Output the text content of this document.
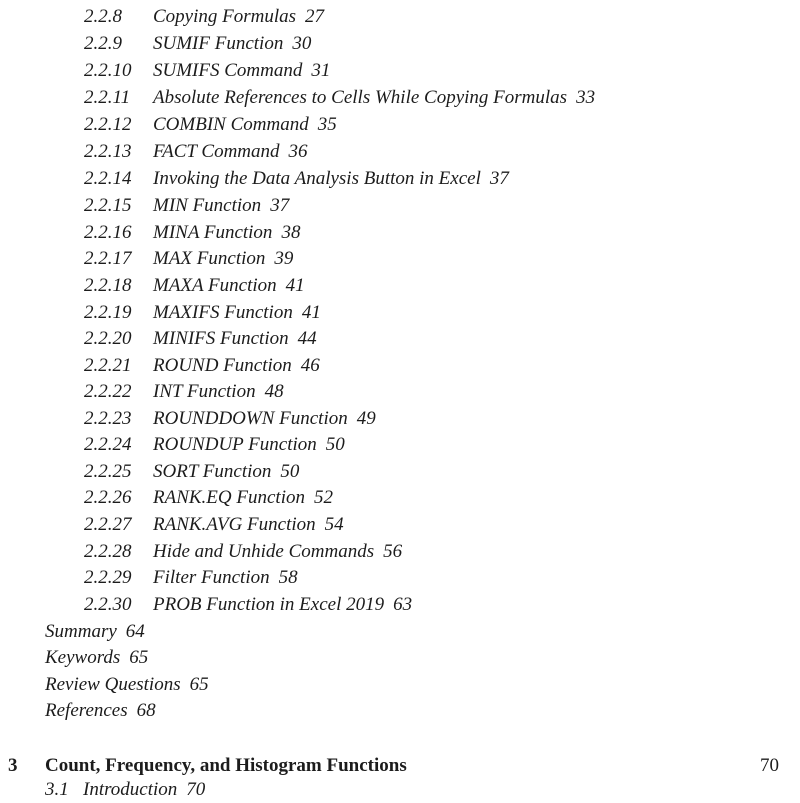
2.2.8 Copying Formulas 27
2.2.9 SUMIF Function 30
2.2.10 SUMIFS Command 31
2.2.11 Absolute References to Cells While Copying Formulas 33
2.2.12 COMBIN Command 35
2.2.13 FACT Command 36
2.2.14 Invoking the Data Analysis Button in Excel 37
2.2.15 MIN Function 37
2.2.16 MINA Function 38
2.2.17 MAX Function 39
2.2.18 MAXA Function 41
2.2.19 MAXIFS Function 41
2.2.20 MINIFS Function 44
2.2.21 ROUND Function 46
2.2.22 INT Function 48
2.2.23 ROUNDDOWN Function 49
2.2.24 ROUNDUP Function 50
2.2.25 SORT Function 50
2.2.26 RANK.EQ Function 52
2.2.27 RANK.AVG Function 54
2.2.28 Hide and Unhide Commands 56
2.2.29 Filter Function 58
2.2.30 PROB Function in Excel 2019 63
Summary 64
Keywords 65
Review Questions 65
References 68
3 Count, Frequency, and Histogram Functions	70
3.1 Introduction 70
